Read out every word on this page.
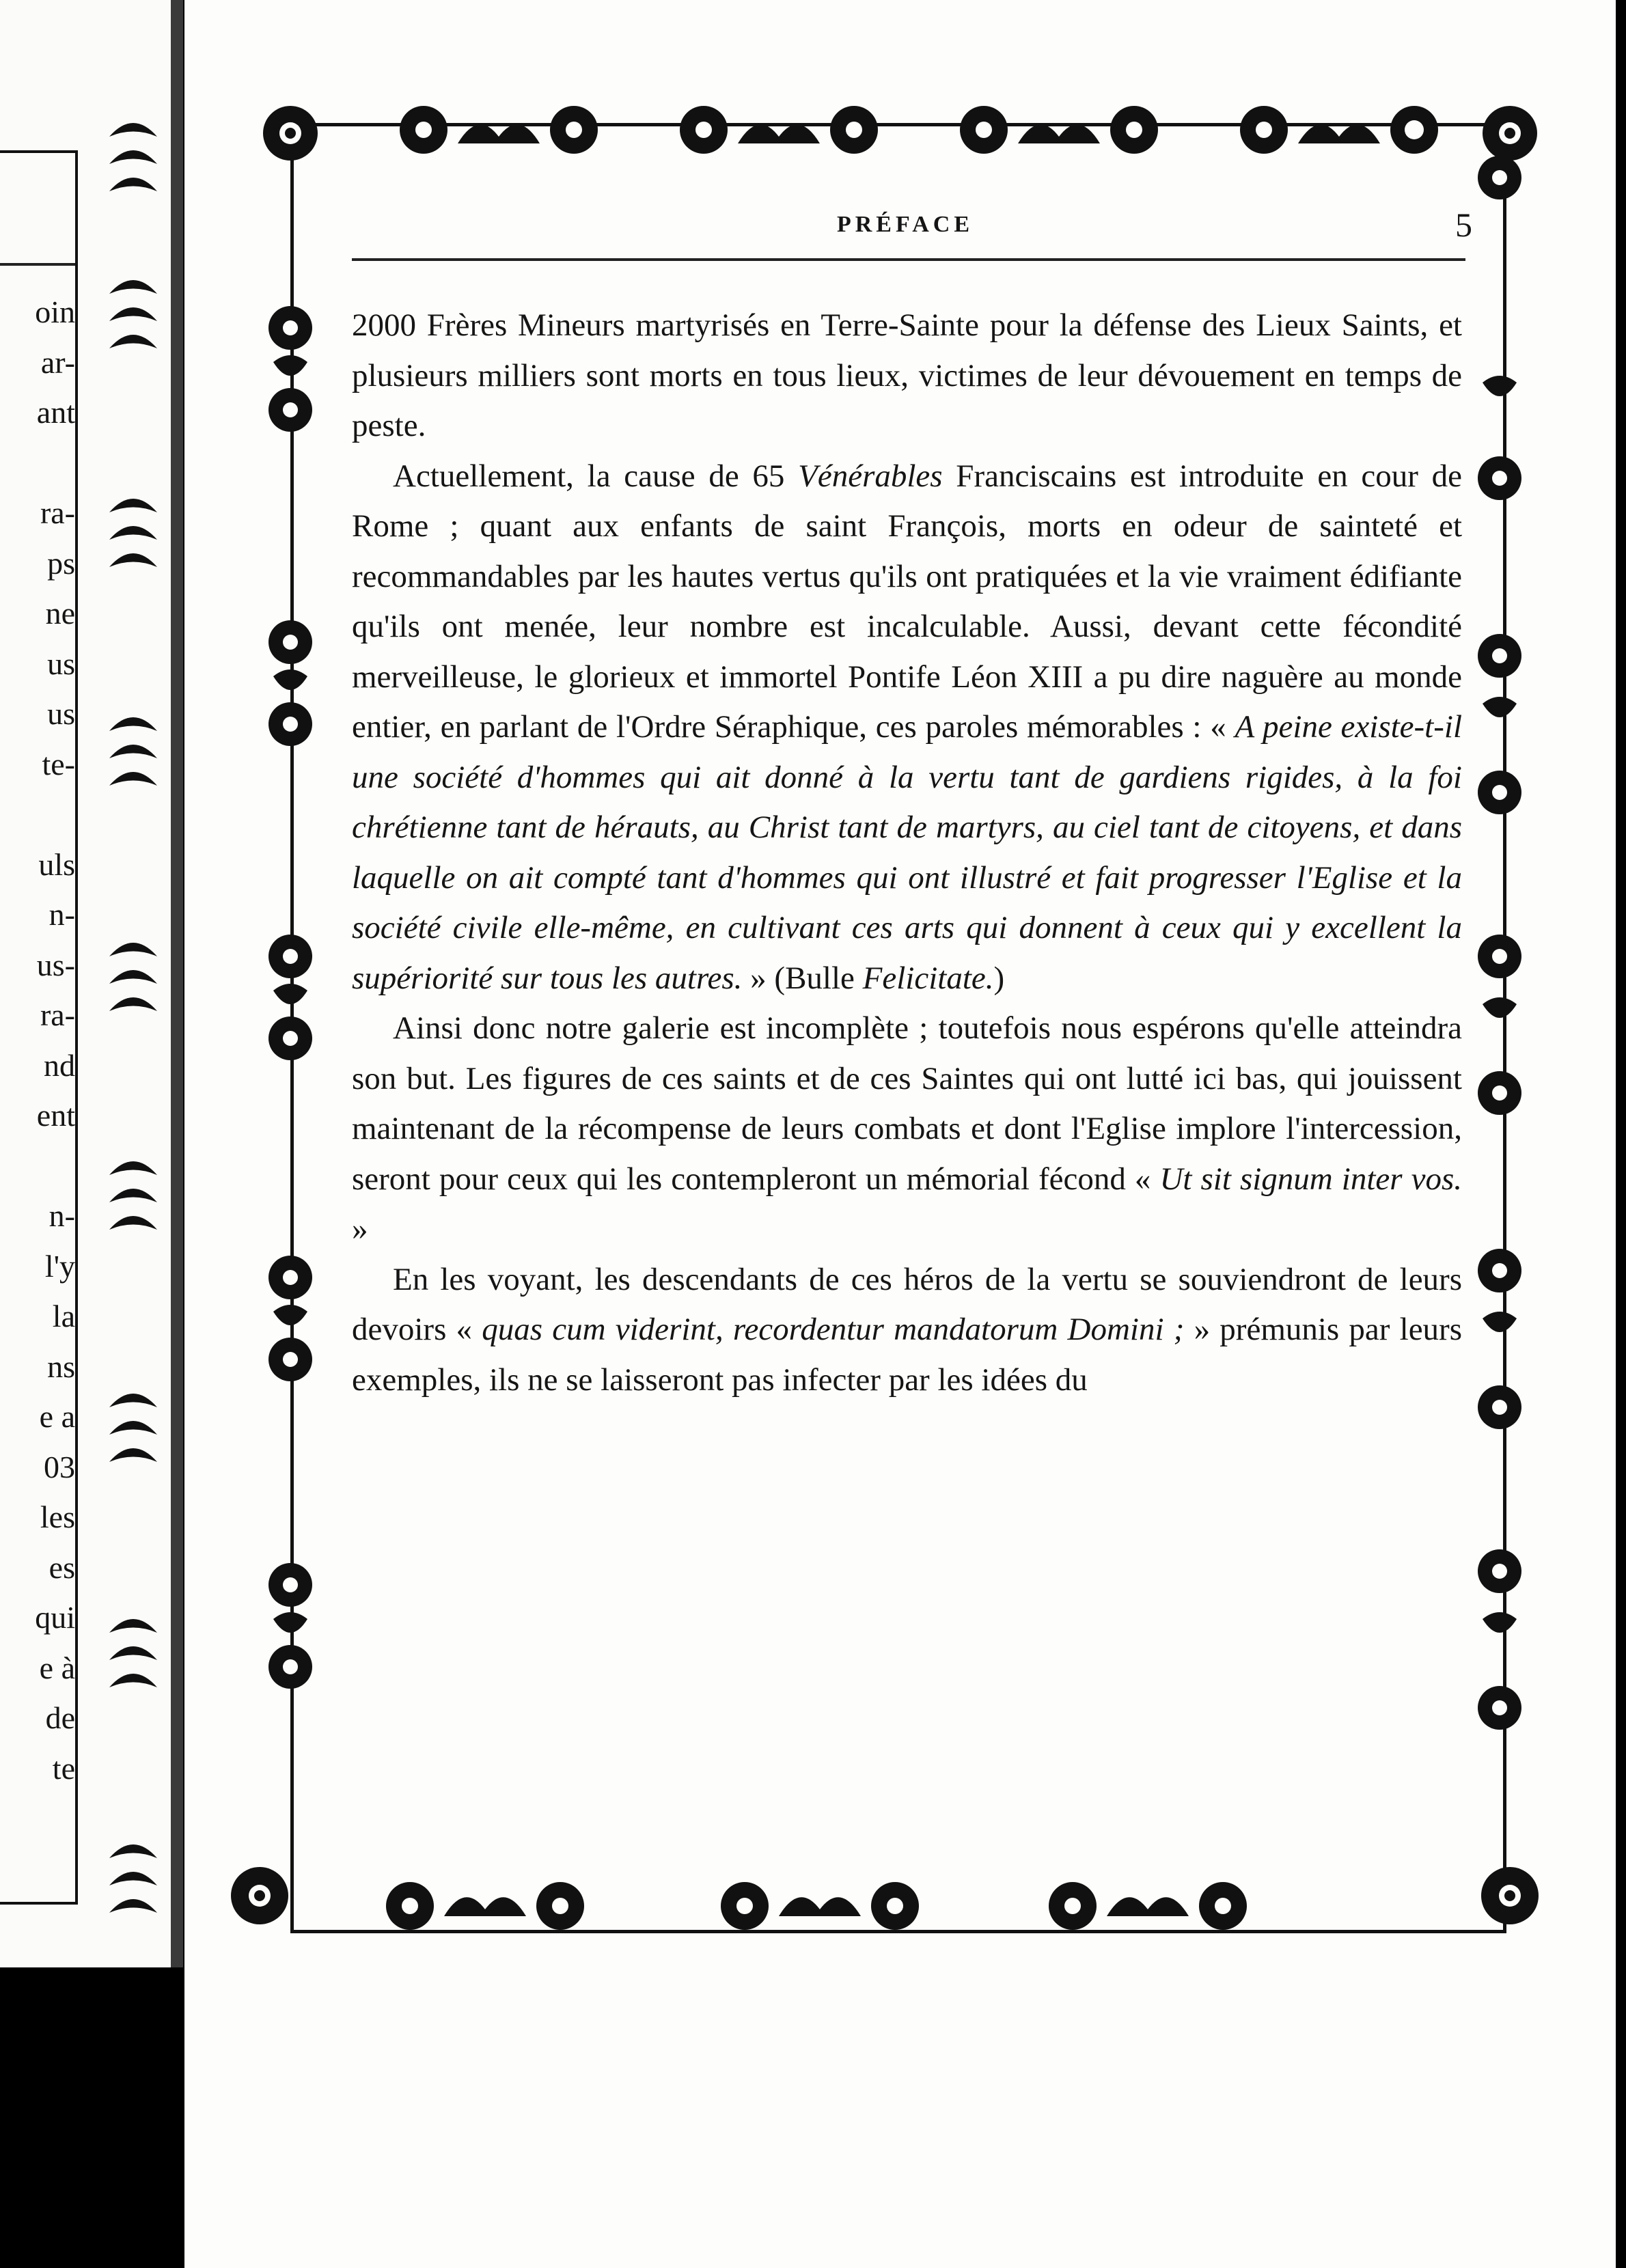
oin
ar-
ant
ra-
ps
ne
us
us
te-
uls
n-
us-
ra-
nd
ent
n-
l'y
la
ns
e a
03
les
es
qui
e à
de
te
PRÉFACE	5

2000 Frères Mineurs martyrisés en Terre-Sainte pour la défense des Lieux Saints, et plusieurs milliers sont morts en tous lieux, victimes de leur dévouement en temps de peste.

Actuellement, la cause de 65 Vénérables Franciscains est introduite en cour de Rome ; quant aux enfants de saint François, morts en odeur de sainteté et recommandables par les hautes vertus qu'ils ont pratiquées et la vie vraiment édifiante qu'ils ont menée, leur nombre est incalculable. Aussi, devant cette fécondité merveilleuse, le glorieux et immortel Pontife Léon XIII a pu dire naguère au monde entier, en parlant de l'Ordre Séraphique, ces paroles mémorables : « A peine existe-t-il une société d'hommes qui ait donné à la vertu tant de gardiens rigides, à la foi chrétienne tant de hérauts, au Christ tant de martyrs, au ciel tant de citoyens, et dans laquelle on ait compté tant d'hommes qui ont illustré et fait progresser l'Eglise et la société civile elle-même, en cultivant ces arts qui donnent à ceux qui y excellent la supériorité sur tous les autres. » (Bulle Felicitate.)

Ainsi donc notre galerie est incomplète ; toutefois nous espérons qu'elle atteindra son but. Les figures de ces saints et de ces Saintes qui ont lutté ici bas, qui jouissent maintenant de la récompense de leurs combats et dont l'Eglise implore l'intercession, seront pour ceux qui les contempleront un mémorial fécond « Ut sit signum inter vos. »

En les voyant, les descendants de ces héros de la vertu se souviendront de leurs devoirs « quas cum viderint, recordentur mandatorum Domini ; » prémunis par leurs exemples, ils ne se laisseront pas infecter par les idées du
